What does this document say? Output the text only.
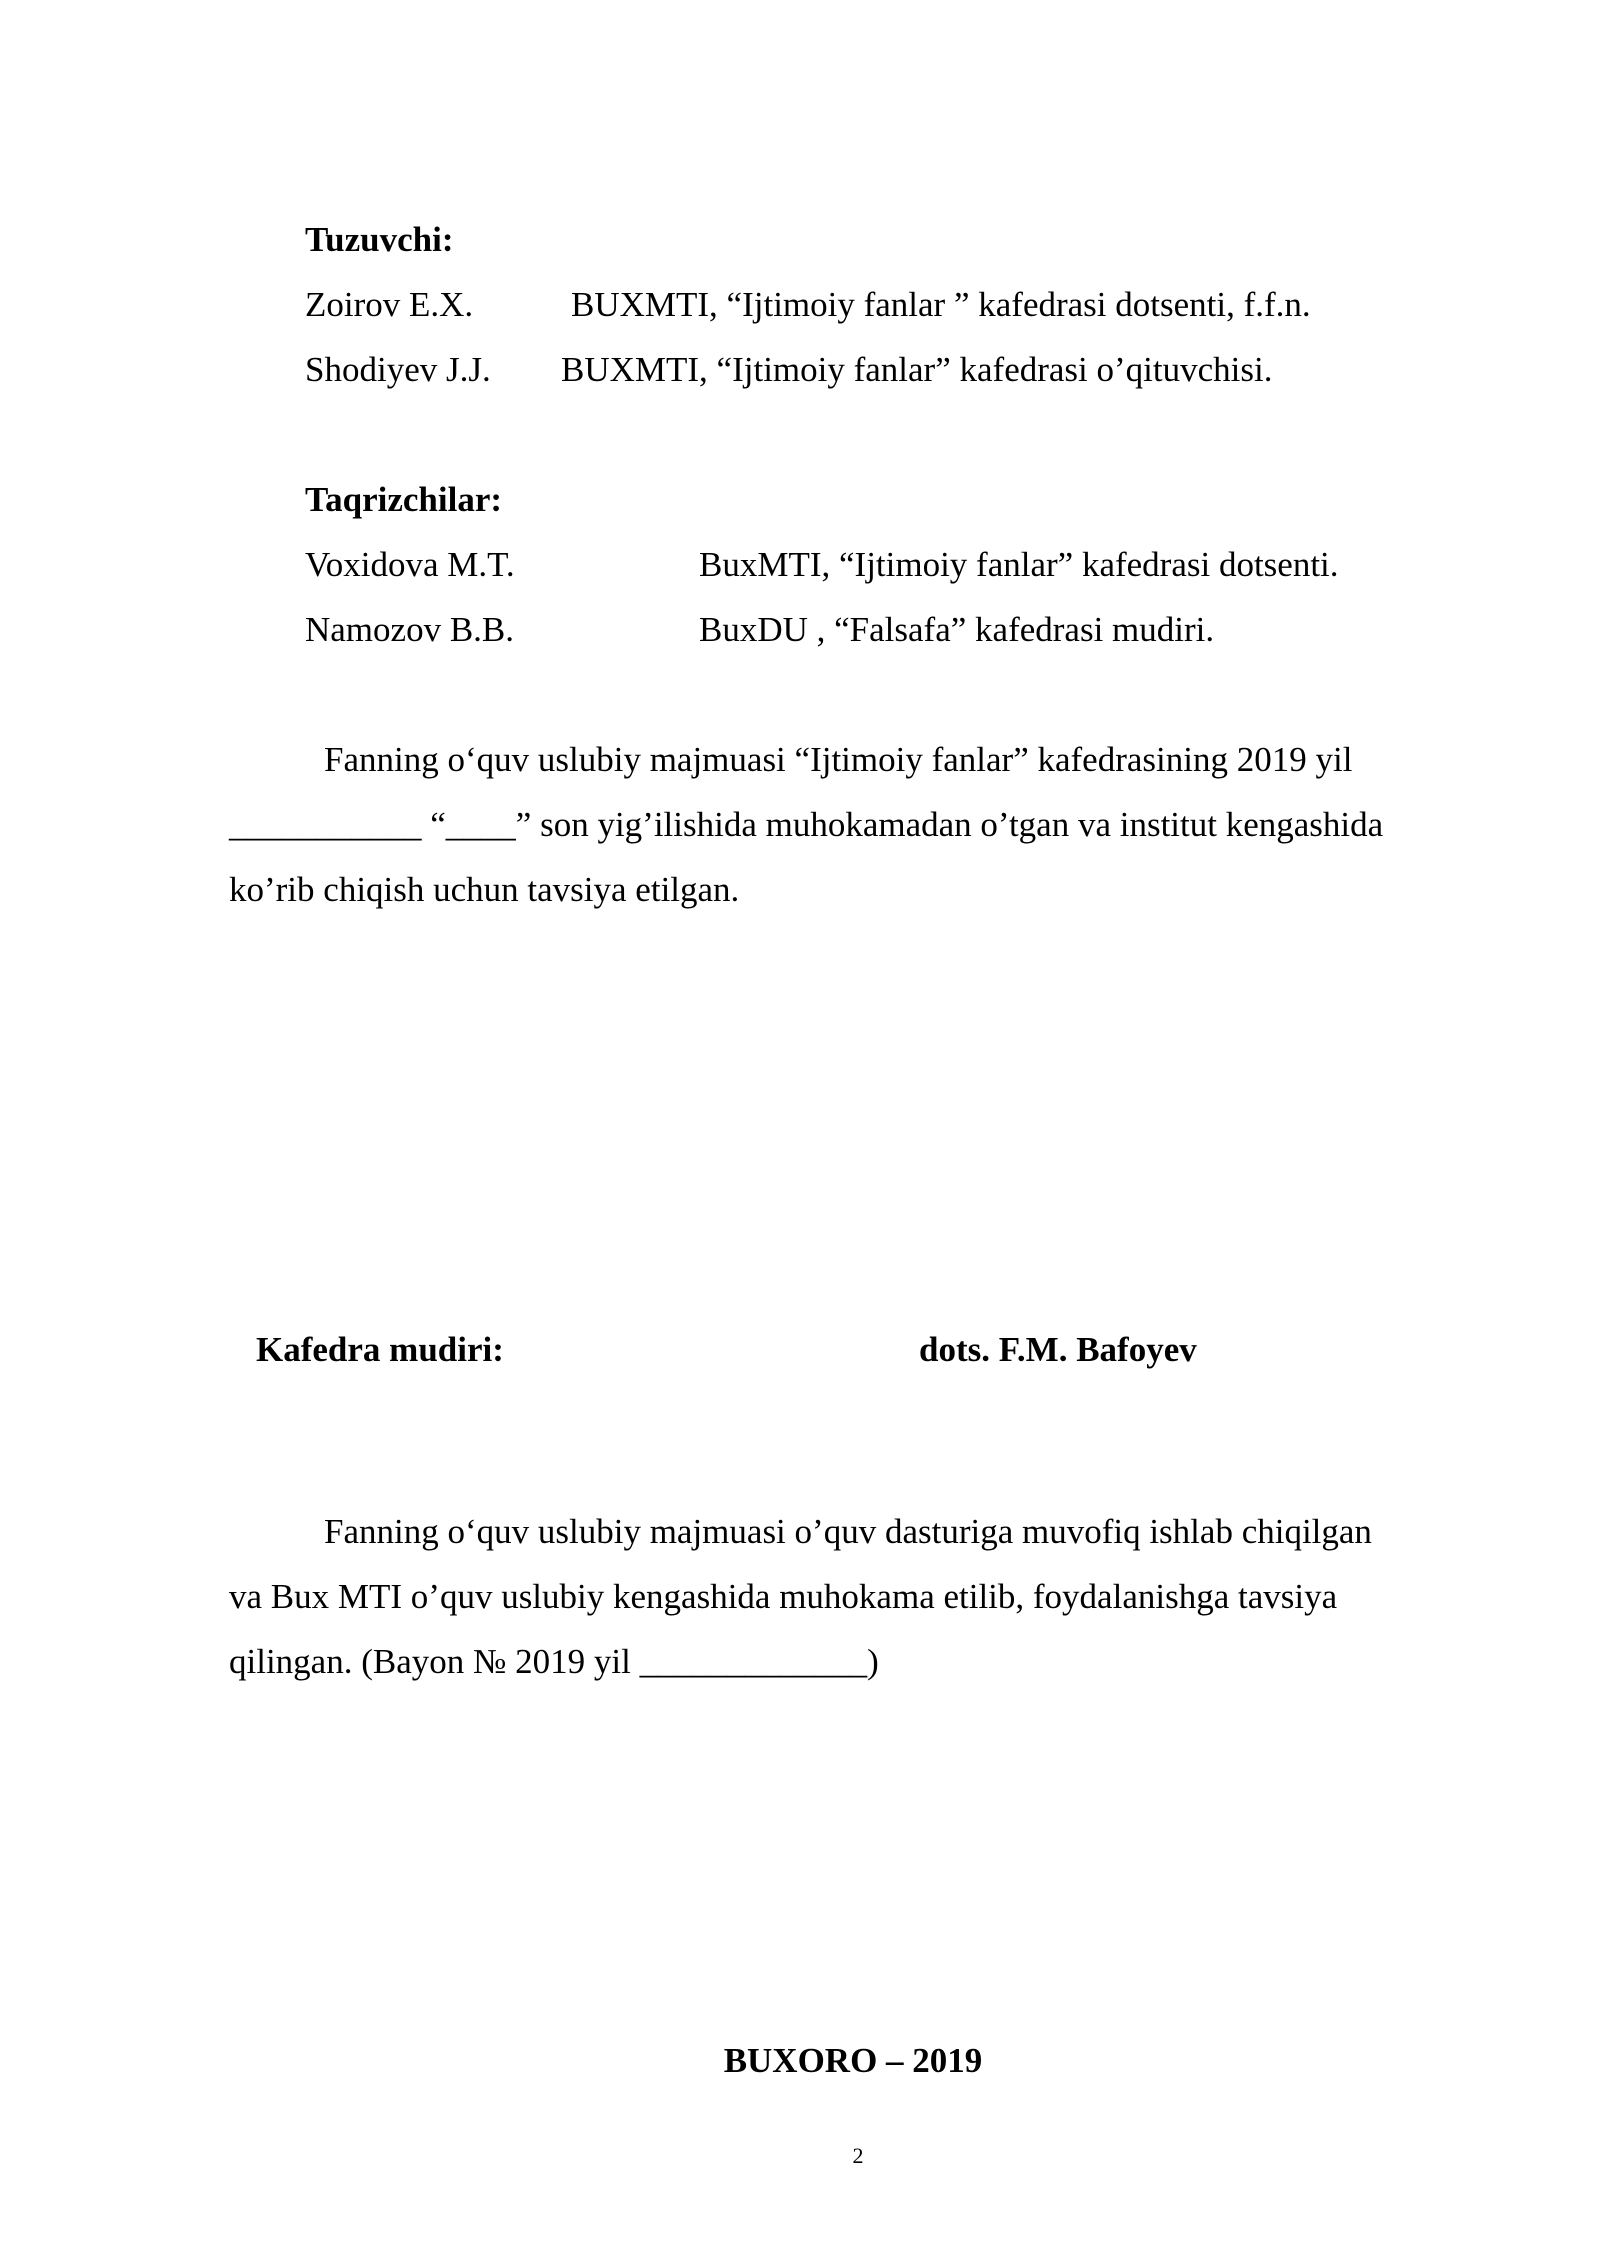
Tuzuvchi:
Zoirov E.X.	BUXMTI, “Ijtimoiy fanlar ” kafedrasi dotsenti, f.f.n.
Shodiyev J.J. BUXMTI, “Ijtimoiy fanlar” kafedrasi o’qituvchisi.
Taqrizchilar:
Voxidova M.T.	BuxMTI, “Ijtimoiy fanlar” kafedrasi dotsenti.
Namozov B.B.	BuxDU , “Falsafa” kafedrasi mudiri.
Fanning o‘quv uslubiy majmuasi “Ijtimoiy fanlar” kafedrasining 2019 yil
___________ “____” son yig’ilishida muhokamadan o’tgan va institut kengashida
ko’rib chiqish uchun tavsiya etilgan.
Kafedra mudiri:	dots. F.M. Bafoyev
Fanning o‘quv uslubiy majmuasi o’quv dasturiga muvofiq ishlab chiqilgan
va Bux MTI o’quv uslubiy kengashida muhokama etilib, foydalanishga tavsiya
qilingan. (Bayon № 2019 yil _____________)
BUXORO – 2019
2
